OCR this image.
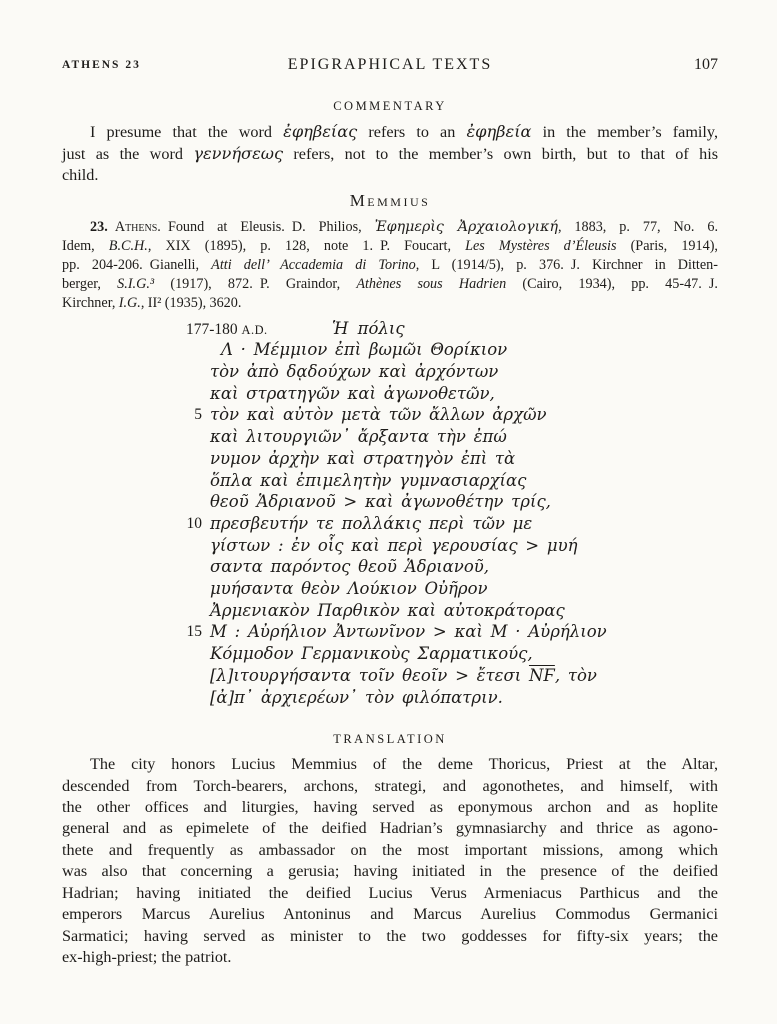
ATHENS 23	EPIGRAPHICAL TEXTS	107
COMMENTARY
I presume that the word ἐφηβείας refers to an ἐφηβεία in the member’s family,
just as the word γεννήσεως refers, not to the member’s own birth, but to that of his
child.
Memmius
23.  Athens. Found at Eleusis. D. Philios, Ἐφημερὶς Ἀρχαιολογική, 1883, p. 77, No. 6.
Idem, B.C.H., XIX (1895), p. 128, note 1. P. Foucart, Les Mystères d’Éleusis (Paris, 1914),
pp. 204-206. Gianelli, Atti dell’ Accademia di Torino, L (1914/5), p. 376. J. Kirchner in Ditten-
berger, S.I.G.³ (1917), 872. P. Graindor, Athènes sous Hadrien (Cairo, 1934), pp. 45-47. J.
Kirchner, I.G., II² (1935), 3620.
177-180 A.D.	Ἡ πόλις
Λ · Μέμμιον ἐπὶ βωμῶι Θορίκιον
τὸν ἀπὸ δᾳδούχων καὶ ἀρχόντων
καὶ στρατηγῶν καὶ ἀγωνοθετῶν,
5 τὸν καὶ αὐτὸν μετὰ τῶν ἄλλων ἀρχῶν
καὶ λιτουργιῶν᾽ ἄρξαντα τὴν ἐπώ
νυμον ἀρχὴν καὶ στρατηγὸν ἐπὶ τὰ
ὅπλα καὶ ἐπιμελητὴν γυμνασιαρχίας
θεοῦ Ἁδριανοῦ > καὶ ἀγωνοθέτην τρίς,
10 πρεσβευτήν τε πολλάκις περὶ τῶν με
γίστων : ἐν οἷς καὶ περὶ γερουσίας > μυή
σαντα παρόντος θεοῦ Ἁδριανοῦ,
μυήσαντα θεὸν Λούκιον Οὐῆρον
Ἀρμενιακὸν Παρθικὸν καὶ αὐτοκράτορας
15 Μ : Αὐρήλιον Ἀντωνῖνον > καὶ Μ · Αὐρήλιον
Κόμμοδον Γερμανικοὺς Σαρματικούς,
[λ]ιτουργήσαντα τοῖν θεοῖν > ἔτεσι $\overline{NϜ}$, τὸν
[ἀ]π᾽ ἀρχιερέων᾽ τὸν φιλόπατριν.
TRANSLATION
The city honors Lucius Memmius of the deme Thoricus, Priest at the Altar,
descended from Torch-bearers, archons, strategi, and agonothetes, and himself, with
the other offices and liturgies, having served as eponymous archon and as hoplite
general and as epimelete of the deified Hadrian’s gymnasiarchy and thrice as agono-
thete and frequently as ambassador on the most important missions, among which
was also that concerning a gerusia; having initiated in the presence of the deified
Hadrian; having initiated the deified Lucius Verus Armeniacus Parthicus and the
emperors Marcus Aurelius Antoninus and Marcus Aurelius Commodus Germanici
Sarmatici; having served as minister to the two goddesses for fifty-six years; the
ex-high-priest; the patriot.
